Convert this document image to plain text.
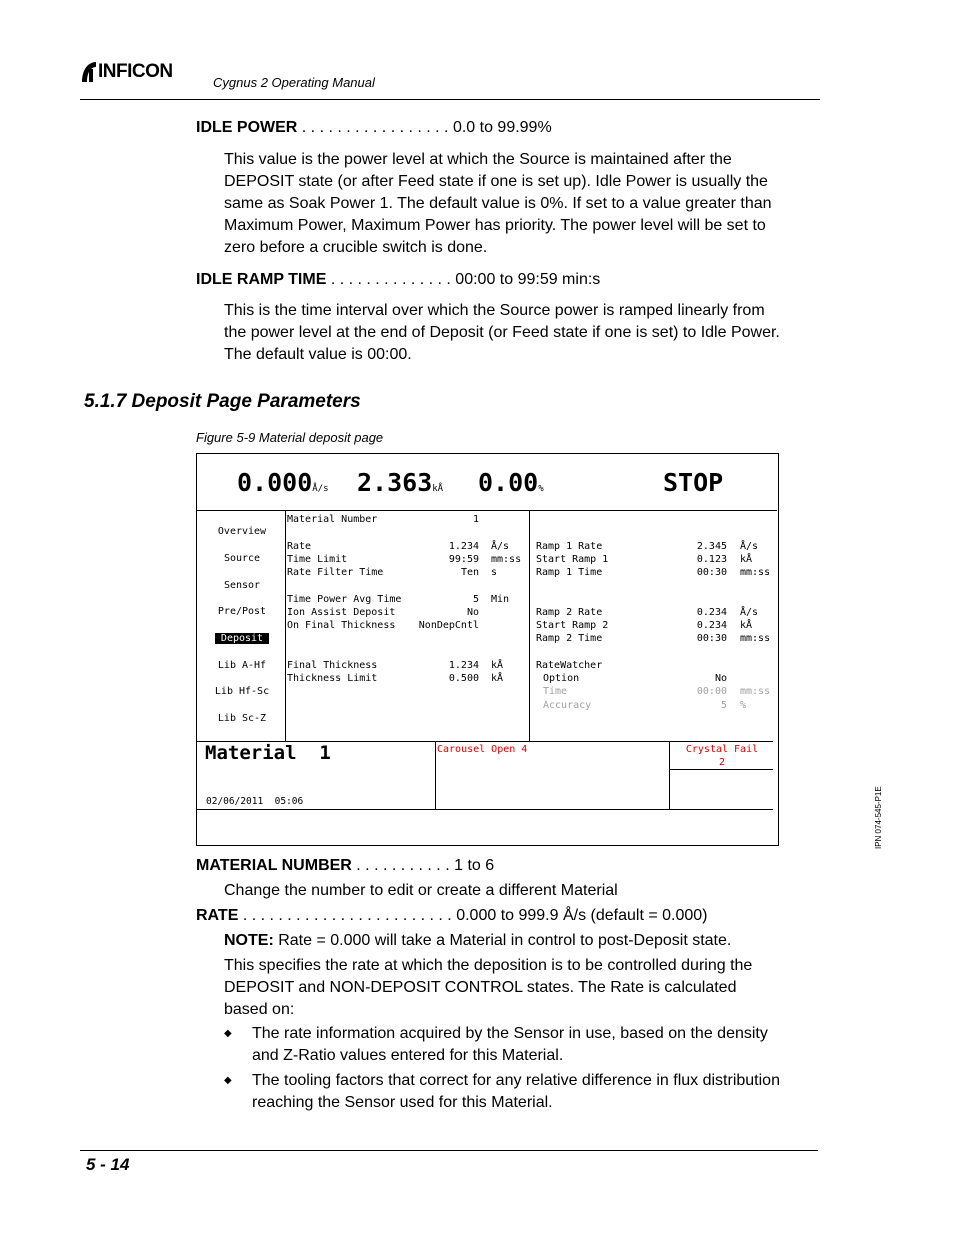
INFICON
Cygnus 2 Operating Manual
IDLE POWER . . . . . . . . . . . . . . . . . 0.0 to 99.99%
This value is the power level at which the Source is maintained after the
DEPOSIT state (or after Feed state if one is set up). Idle Power is usually the
same as Soak Power 1. The default value is 0%. If set to a value greater than
Maximum Power, Maximum Power has priority. The power level will be set to
zero before a crucible switch is done.
IDLE RAMP TIME . . . . . . . . . . . . . . 00:00 to 99:59 min:s
This is the time interval over which the Source power is ramped linearly from
the power level at the end of Deposit (or Feed state if one is set) to Idle Power.
The default value is 00:00.
5.1.7 Deposit Page Parameters
Figure 5-9 Material deposit page
0.000Å/s 2.363kÅ 0.00%	STOP
Overview
Source
Sensor
Pre/Post
Deposit
Lib A-Hf
Lib Hf-Sc
Lib Sc-Z
Material Number	1
Rate	1.234 Å/s
Time Limit	99:59 mm:ss
Rate Filter Time	Ten s
Time Power Avg Time	5 Min
Ion Assist Deposit	No
On Final Thickness	NonDepCntl
Final Thickness	1.234 kÅ
Thickness Limit	0.500 kÅ
Ramp 1 Rate	2.345 Å/s
Start Ramp 1	0.123 kÅ
Ramp 1 Time	00:30 mm:ss
Ramp 2 Rate	0.234 Å/s
Start Ramp 2	0.234 kÅ
Ramp 2 Time	00:30 mm:ss
RateWatcher
Option	No
Time	00:00 mm:ss
Accuracy	5 %
Material  1
02/06/2011  05:06
Carousel Open 4	Crystal Fail
2
MATERIAL NUMBER . . . . . . . . . . . 1 to 6
Change the number to edit or create a different Material
RATE . . . . . . . . . . . . . . . . . . . . . . . . 0.000 to 999.9 Å/s (default = 0.000)
NOTE: Rate = 0.000 will take a Material in control to post-Deposit state.
This specifies the rate at which the deposition is to be controlled during the
DEPOSIT and NON-DEPOSIT CONTROL states. The Rate is calculated
based on:
◆ The rate information acquired by the Sensor in use, based on the density
and Z-Ratio values entered for this Material.
◆ The tooling factors that correct for any relative difference in flux distribution
reaching the Sensor used for this Material.
IPN 074-545-P1E
5 - 14
